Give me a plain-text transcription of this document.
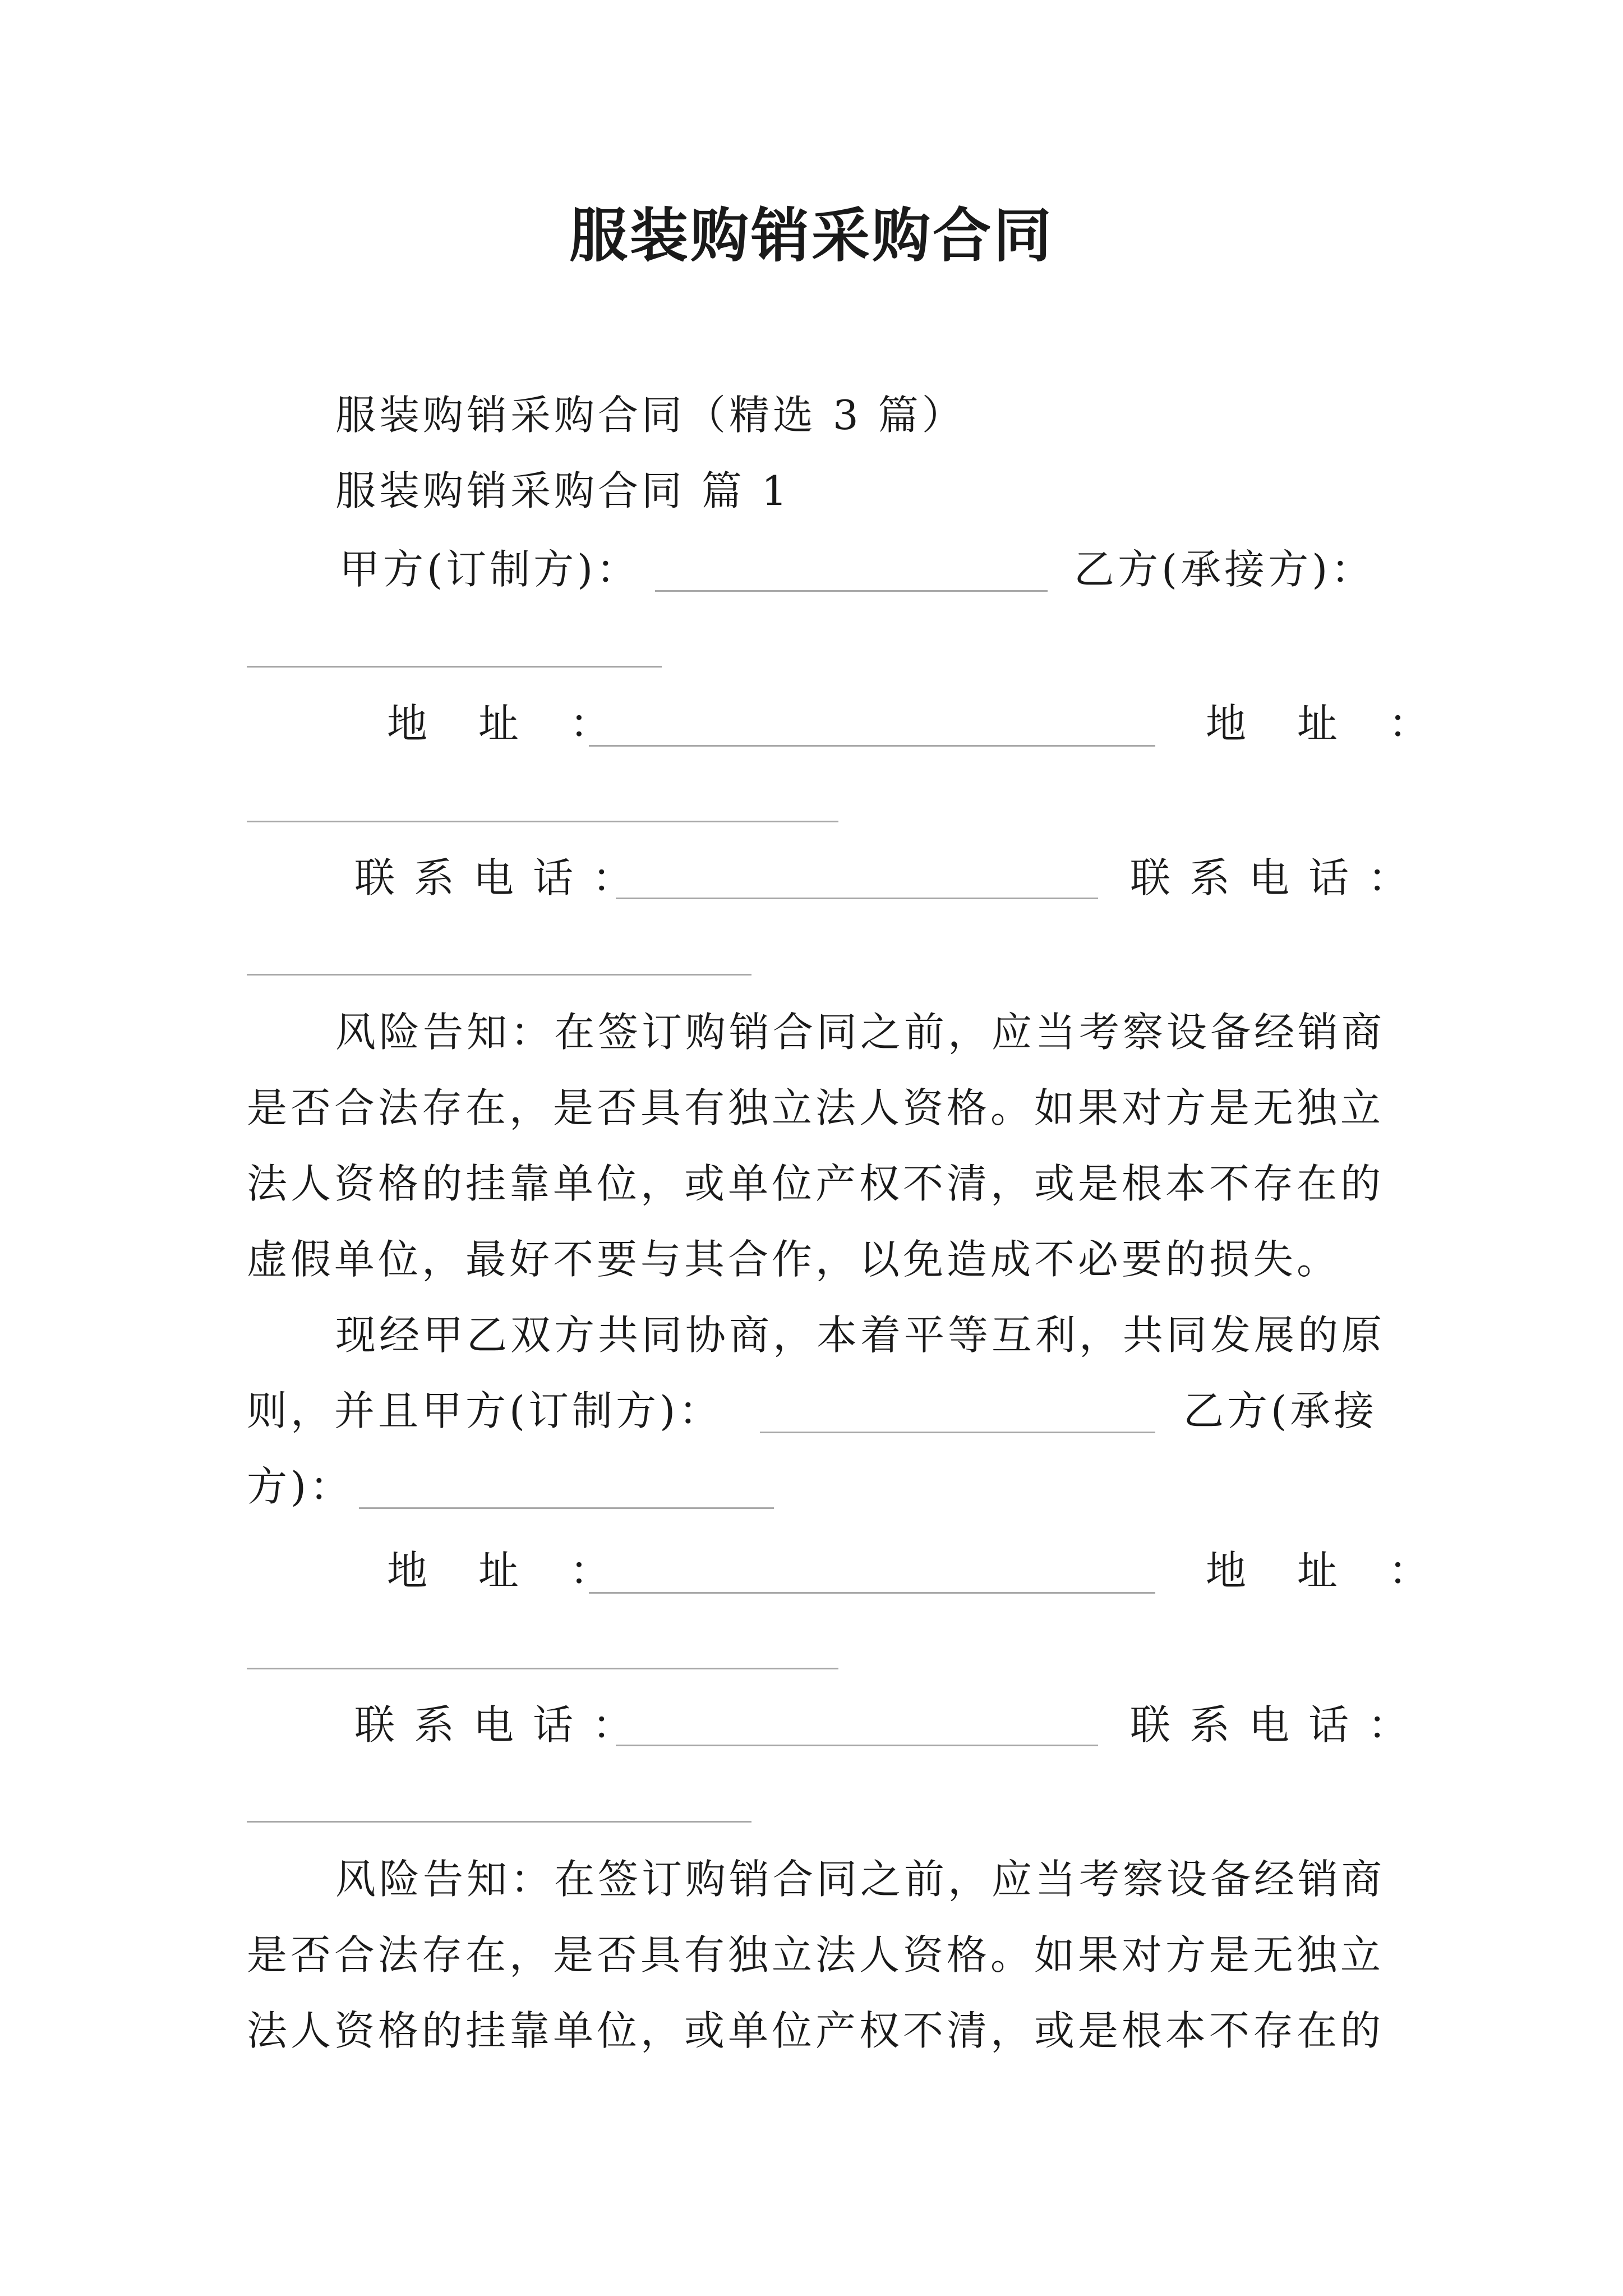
服装购销采购合同
服装购销采购合同（精选 3 篇）
服装购销采购合同 篇 1
甲方(订制方)：	乙方(承接方)：
地 址 ：	地 址 ：
联系电话：	联系电话：
风险告知：在签订购销合同之前，应当考察设备经销商
是否合法存在，是否具有独立法人资格。如果对方是无独立
法人资格的挂靠单位，或单位产权不清，或是根本不存在的
虚假单位，最好不要与其合作，以免造成不必要的损失。
现经甲乙双方共同协商，本着平等互利，共同发展的原
则，并且甲方(订制方)：	乙方(承接
方)：
地 址 ：	地 址 ：
联系电话：	联系电话：
风险告知：在签订购销合同之前，应当考察设备经销商
是否合法存在，是否具有独立法人资格。如果对方是无独立
法人资格的挂靠单位，或单位产权不清，或是根本不存在的
